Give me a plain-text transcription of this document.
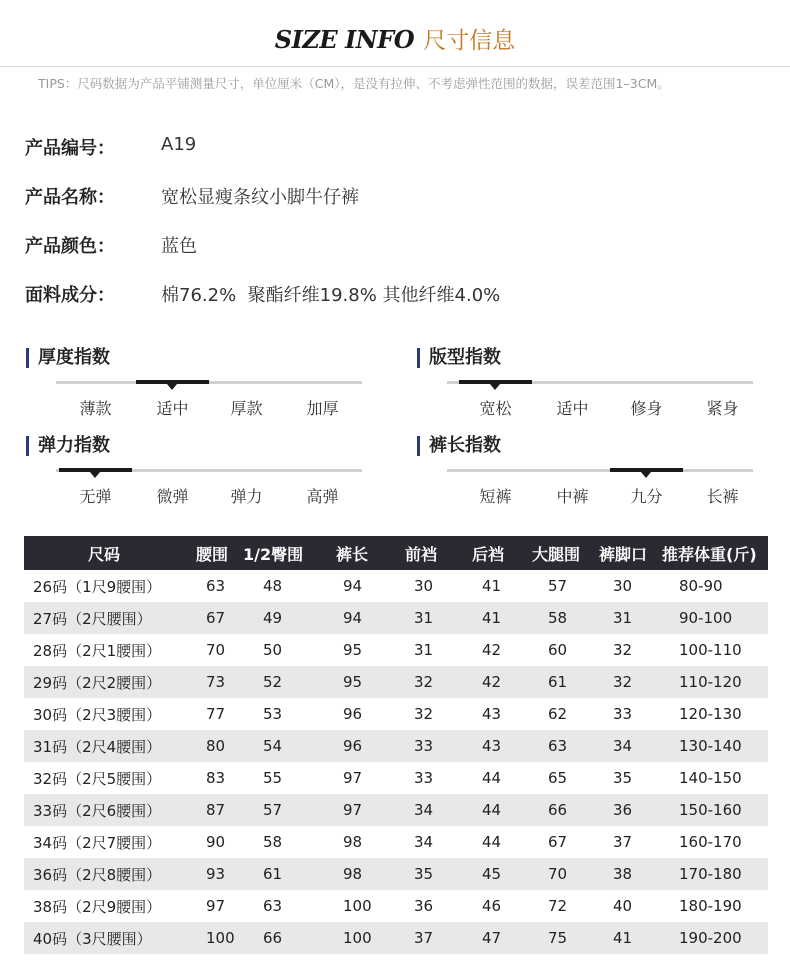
SIZE INFO 尺寸信息
TIPS：尺码数据为产品平铺测量尺寸，单位厘米（CM），是没有拉伸、不考虑弹性范围的数据，误差范围1–3CM。
产品编号：	A19
产品名称：	宽松显瘦条纹小脚牛仔裤
产品颜色：	蓝色
面料成分：	棉76.2%  聚酯纤维19.8% 其他纤维4.0%
厚度指数
薄款	适中	厚款	加厚
版型指数
宽松	适中	修身	紧身
弹力指数
无弹	微弹	弹力	高弹
裤长指数
短裤	中裤	九分	长裤
尺码	腰围	1/2臀围	裤长	前裆	后裆	大腿围	裤脚口	推荐体重(斤)
26码（1尺9腰围）	63	48	94	30	41	57	30	80-90
27码（2尺腰围）	67	49	94	31	41	58	31	90-100
28码（2尺1腰围）	70	50	95	31	42	60	32	100-110
29码（2尺2腰围）	73	52	95	32	42	61	32	110-120
30码（2尺3腰围）	77	53	96	32	43	62	33	120-130
31码（2尺4腰围）	80	54	96	33	43	63	34	130-140
32码（2尺5腰围）	83	55	97	33	44	65	35	140-150
33码（2尺6腰围）	87	57	97	34	44	66	36	150-160
34码（2尺7腰围）	90	58	98	34	44	67	37	160-170
36码（2尺8腰围）	93	61	98	35	45	70	38	170-180
38码（2尺9腰围）	97	63	100	36	46	72	40	180-190
40码（3尺腰围）	100	66	100	37	47	75	41	190-200
